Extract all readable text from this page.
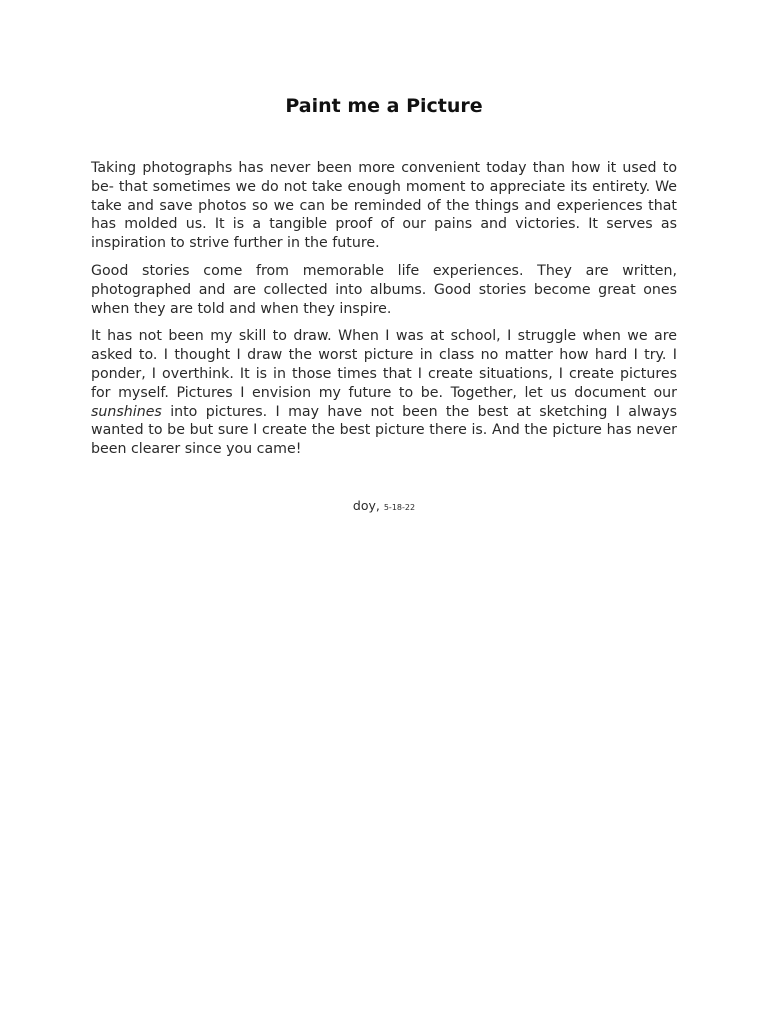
Paint me a Picture

Taking photographs has never been more convenient today than how it used to be- that sometimes we do not take enough moment to appreciate its entirety. We take and save photos so we can be reminded of the things and experiences that has molded us. It is a tangible proof of our pains and victories. It serves as inspiration to strive further in the future.

Good stories come from memorable life experiences. They are written, photographed and are collected into albums. Good stories become great ones when they are told and when they inspire.

It has not been my skill to draw. When I was at school, I struggle when we are asked to. I thought I draw the worst picture in class no matter how hard I try. I ponder, I overthink. It is in those times that I create situations, I create pictures for myself. Pictures I envision my future to be. Together, let us document our sunshines into pictures. I may have not been the best at sketching I always wanted to be but sure I create the best picture there is. And the picture has never been clearer since you came!

doy, 5-18-22
